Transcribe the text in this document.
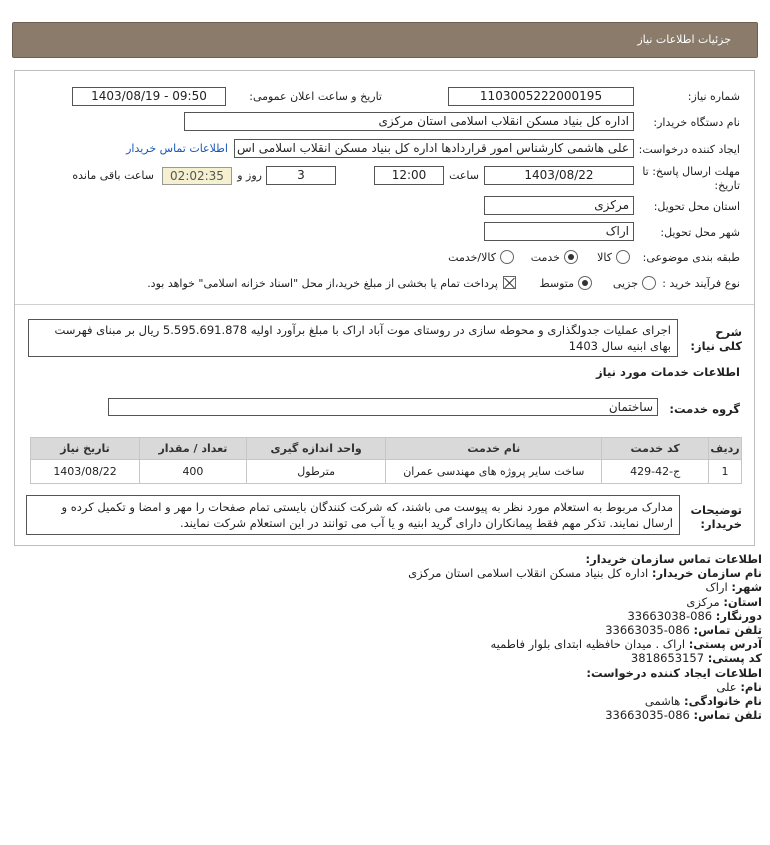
جزئیات اطلاعات نیاز
شماره نیاز:
1103005222000195
تاریخ و ساعت اعلان عمومی:
1403/08/19 - 09:50
نام دستگاه خریدار:
اداره کل بنیاد مسکن انقلاب اسلامی استان مرکزی
ایجاد کننده درخواست:
علی هاشمی کارشناس امور قراردادها اداره کل بنیاد مسکن انقلاب اسلامی اس
اطلاعات تماس خریدار
مهلت ارسال پاسخ: تا
تاریخ:
1403/08/22
ساعت
12:00
3
روز و
02:02:35
ساعت باقی مانده
استان محل تحویل:
مرکزی
شهر محل تحویل:
اراک
طبقه بندی موضوعی:
کالا
خدمت
کالا/خدمت
نوع فرآیند خرید :
جزیی
متوسط
پرداخت تمام یا بخشی از مبلغ خرید،از محل "اسناد خزانه اسلامی" خواهد بود.
شرح کلی نیاز:
اجرای عملیات جدولگذاری و محوطه سازی در روستای موت آباد اراک با مبلغ برآورد اولیه 5.595.691.878 ریال بر مبنای فهرست بهای ابنیه سال 1403
اطلاعات خدمات مورد نیاز
گروه خدمت:
ساختمان
ردیف	کد خدمت	نام خدمت	واحد اندازه گیری	تعداد / مقدار	تاریخ نیاز
1	ج-42-429	ساخت سایر پروژه های مهندسی عمران	مترطول	400	1403/08/22
توضیحات خریدار:
مدارک مربوط به استعلام مورد نظر به پیوست می باشند، که شرکت کنندگان بایستی تمام صفحات را مهر و امضا و تکمیل کرده و ارسال نمایند. تذکر مهم فقط پیمانکاران دارای گرید ابنیه و یا آب می توانند در این استعلام شرکت نمایند.
اطلاعات تماس سازمان خریدار:
نام سازمان خریدار: اداره کل بنیاد مسکن انقلاب اسلامی استان مرکزی
شهر: اراک
استان: مرکزی
دورنگار: 086-33663038
تلفن تماس: 086-33663035
آدرس پستی: اراک . میدان حافظیه ابتدای بلوار فاطمیه
کد پستی: 3818653157
اطلاعات ایجاد کننده درخواست:
نام: علی
نام خانوادگی: هاشمی
تلفن تماس: 086-33663035
